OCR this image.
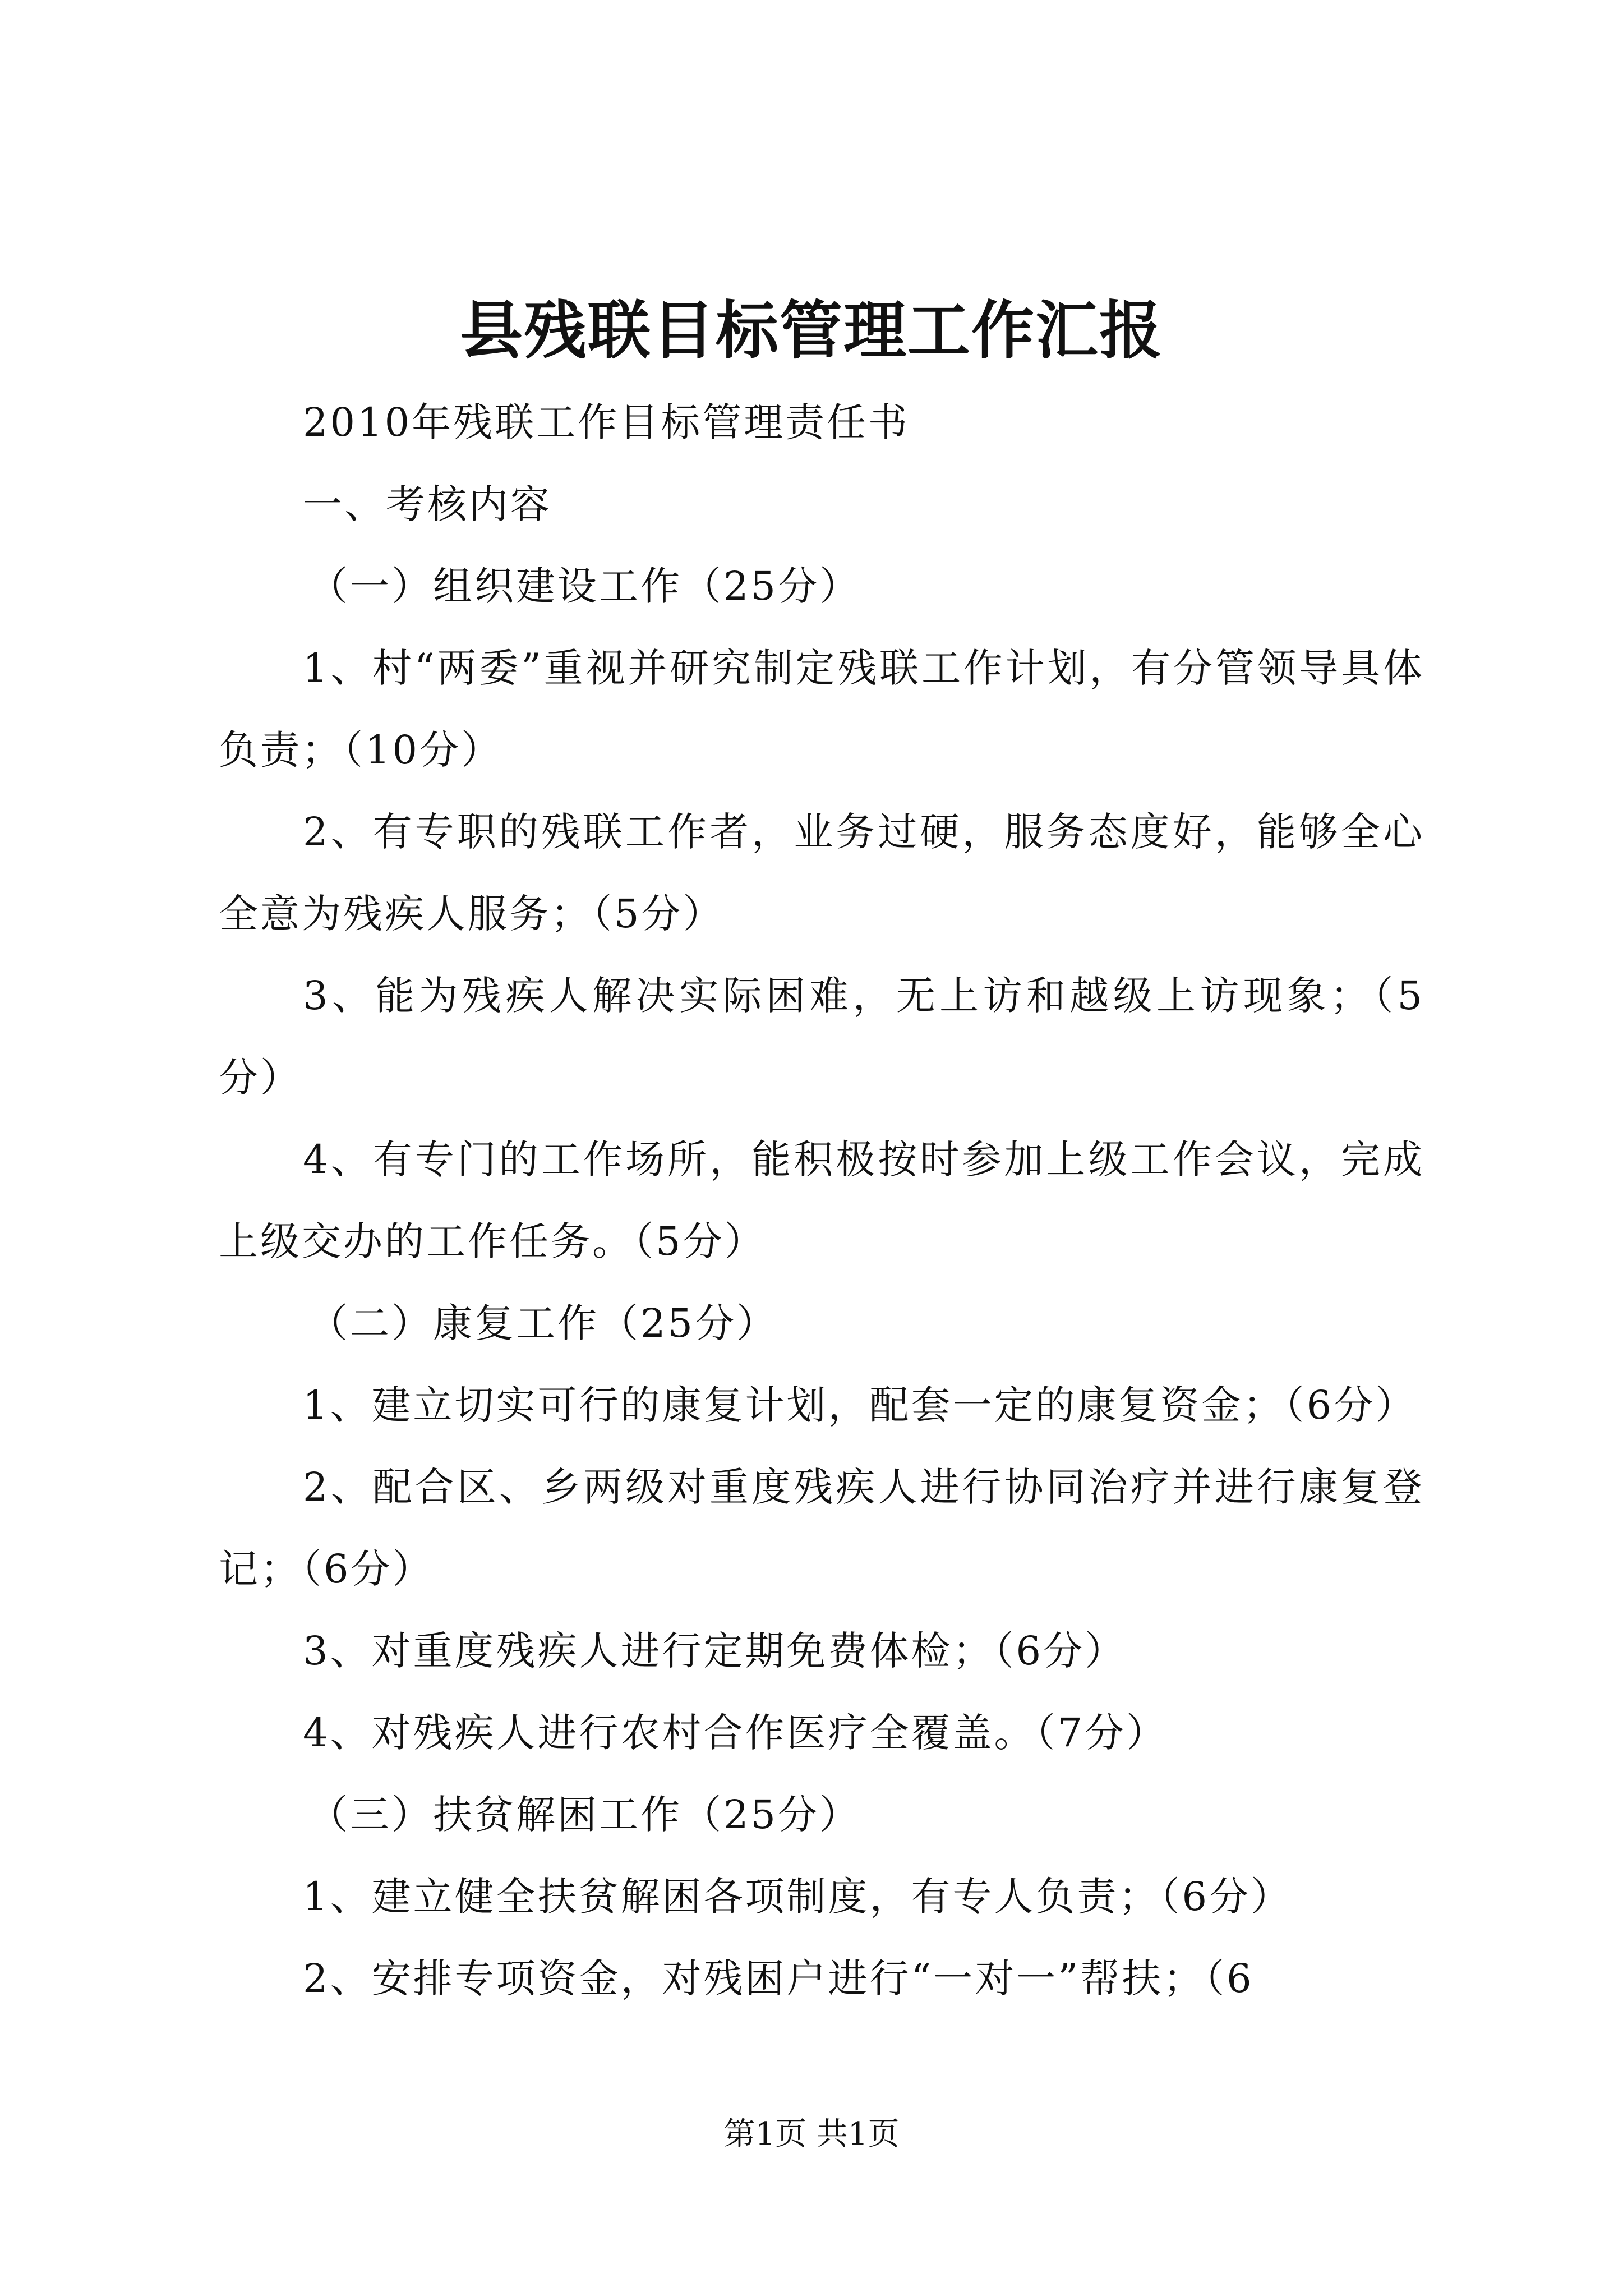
县残联目标管理工作汇报

2010年残联工作目标管理责任书

一、考核内容

（一）组织建设工作（25分）

1、村“两委”重视并研究制定残联工作计划，有分管领导具体负责；（10分）

2、有专职的残联工作者，业务过硬，服务态度好，能够全心全意为残疾人服务；（5分）

3、能为残疾人解决实际困难，无上访和越级上访现象；（5分）

4、有专门的工作场所，能积极按时参加上级工作会议，完成上级交办的工作任务。（5分）

（二）康复工作（25分）

1、建立切实可行的康复计划，配套一定的康复资金；（6分）

2、配合区、乡两级对重度残疾人进行协同治疗并进行康复登记；（6分）

3、对重度残疾人进行定期免费体检；（6分）

4、对残疾人进行农村合作医疗全覆盖。（7分）

（三）扶贫解困工作（25分）

1、建立健全扶贫解困各项制度，有专人负责；（6分）

2、安排专项资金，对残困户进行“一对一”帮扶；（6

第1页 共1页
